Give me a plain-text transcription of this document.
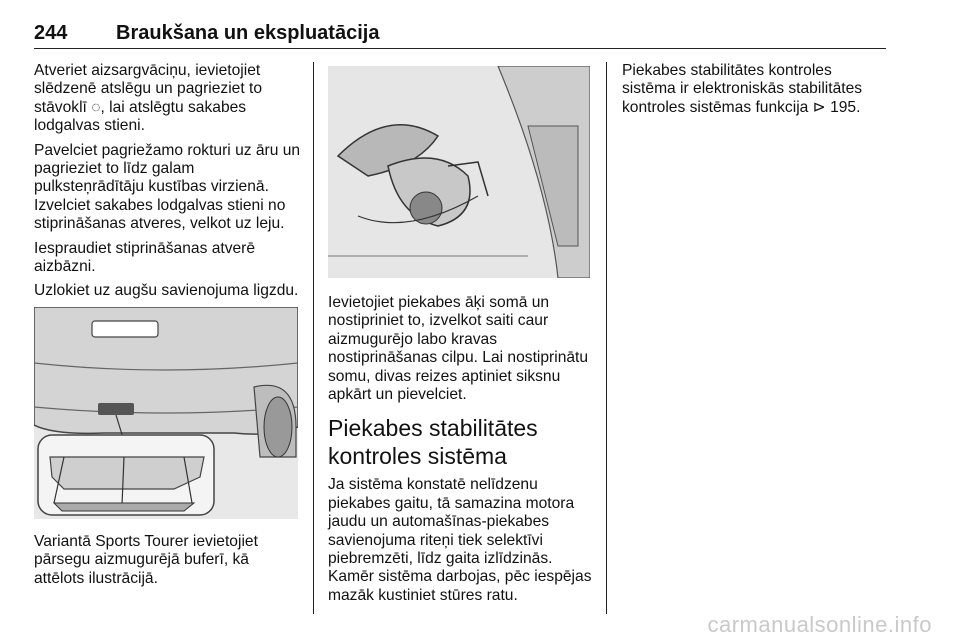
244 Braukšana un ekspluatācija

Atveriet aizsargvāciņu, ievietojiet slēdzenē atslēgu un pagrieziet to stāvoklī ◌, lai atslēgtu sakabes lodgalvas stieni.

Pavelciet pagriežamo rokturi uz āru un pagrieziet to līdz galam pulksteņrādītāju kustības virzienā. Izvelciet sakabes lodgalvas stieni no stiprināšanas atveres, velkot uz leju.

Iespraudiet stiprināšanas atverē aizbāzni.

Uzlokiet uz augšu savienojuma ligzdu.

Variantā Sports Tourer ievietojiet pārsegu aizmugurējā buferī, kā attēlots ilustrācijā.

Ievietojiet piekabes āķi somā un nostipriniet to, izvelkot saiti caur aizmugurējo labo kravas nostiprināšanas cilpu. Lai nostiprinātu somu, divas reizes aptiniet siksnu apkārt un pievelciet.

Piekabes stabilitātes kontroles sistēma

Ja sistēma konstatē nelīdzenu piekabes gaitu, tā samazina motora jaudu un automašīnas-piekabes savienojuma riteņi tiek selektīvi piebremzēti, līdz gaita izlīdzinās. Kamēr sistēma darbojas, pēc iespējas mazāk kustiniet stūres ratu.

Piekabes stabilitātes kontroles sistēma ir elektroniskās stabilitātes kontroles sistēmas funkcija ⊳ 195.

carmanualsonline.info
